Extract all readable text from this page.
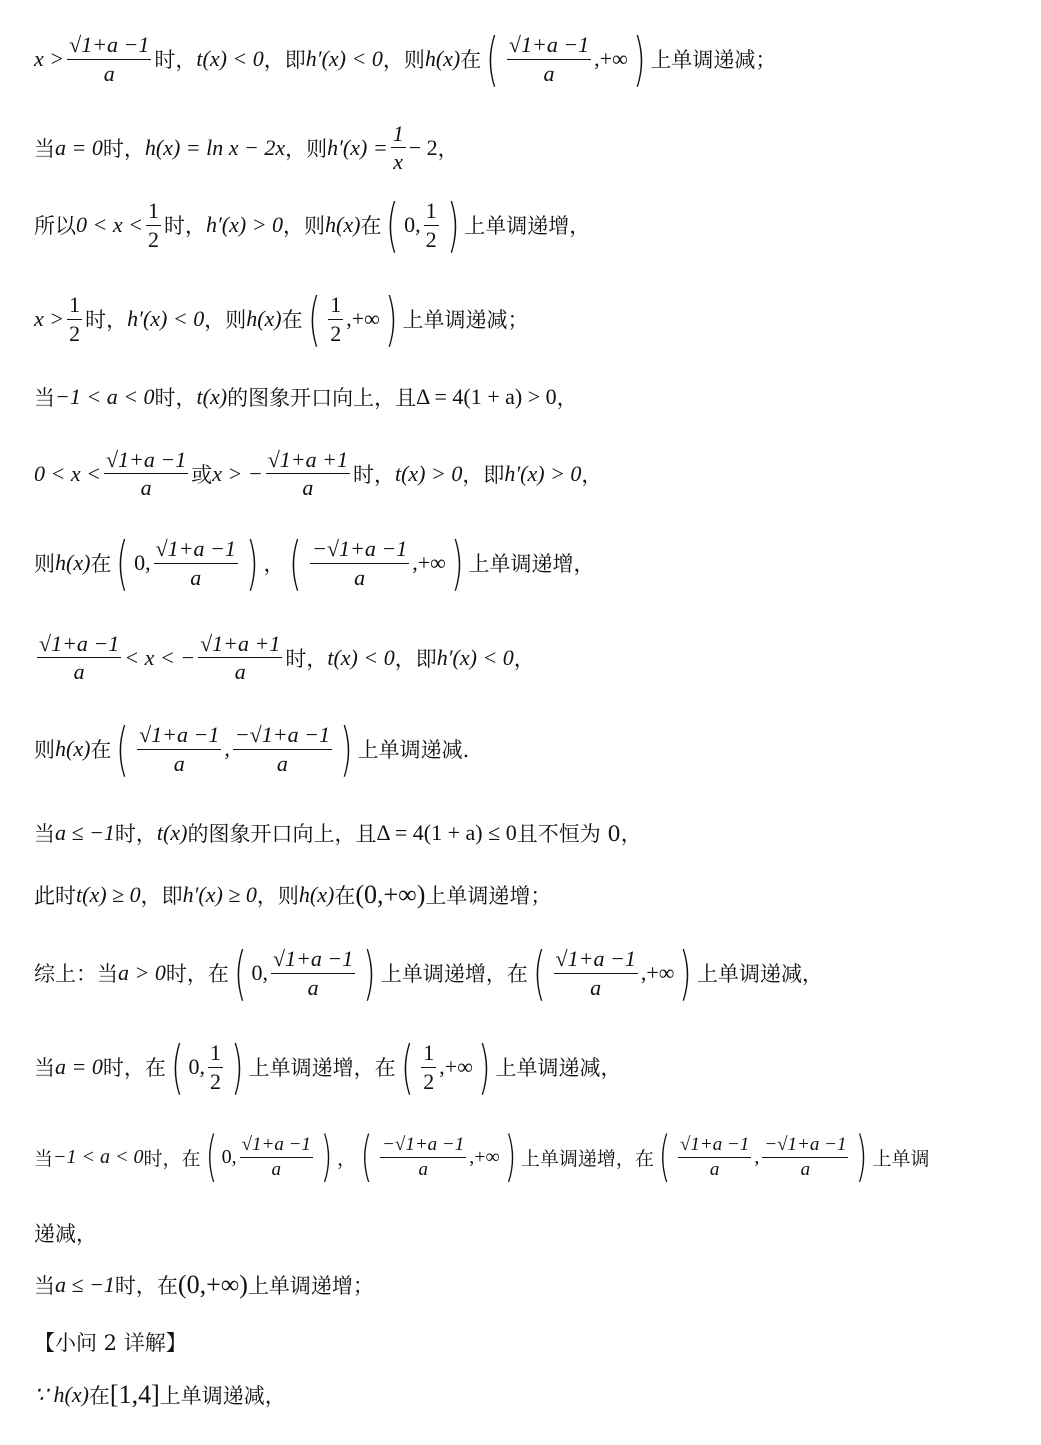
$x > \frac{√1+a -1}{a}$ 时， t(x) < 0 ，即 h′(x) < 0 ，则 h(x) 在 ( $\frac{√1+a -1}{a}$ ,+∞ ) 上单调递减；
当 a = 0 时， h(x) = ln x − 2x ，则 $h'(x) = \frac{1}{x} - 2$ ，
所以 $0 < x < \frac{1}{2}$ 时， h′(x) > 0 ，则 h(x) 在 ( 0, $\frac{1}{2}$ ) 上单调递增，
$x > \frac{1}{2}$ 时， h′(x) < 0 ，则 h(x) 在 ( $\frac{1}{2}$ ,+∞ ) 上单调递减；
当 −1 < a < 0 时， t(x) 的图象开口向上，且 Δ = 4(1 + a) > 0 ，
$0 < x < \frac{√1+a -1}{a}$ 或 x > − $\frac{√1+a +1}{a}$ 时， t(x) > 0 ，即 h′(x) > 0 ，
则 h(x) 在 ( 0, $\frac{√1+a -1}{a}$ ) ， ( $\frac{-√1+a -1}{a}$ ,+∞ ) 上单调递增，
$\frac{√1+a -1}{a} < x$ < − $\frac{√1+a +1}{a}$ 时， t(x) < 0 ，即 h′(x) < 0 ，
则 h(x) 在 ( $\frac{√1+a -1}{a}$ , $\frac{-√1+a -1}{a}$ ) 上单调递减.
当 a ≤ −1 时， t(x) 的图象开口向上，且 Δ = 4(1 + a) ≤ 0 且不恒为 0，
此时 t(x) ≥ 0 ，即 h′(x) ≥ 0 ，则 h(x) 在 (0,+∞) 上单调递增；
综上：当 a > 0 时，在 ( 0, $\frac{√1+a -1}{a}$ ) 上单调递增，在 ( $\frac{√1+a -1}{a}$ ,+∞ ) 上单调递减，
当 a = 0 时，在 ( 0, $\frac{1}{2}$ ) 上单调递增，在 ( $\frac{1}{2}$ ,+∞ ) 上单调递减，
当 −1 < a < 0 时，在 ( 0, $\frac{√1+a -1}{a}$ ) ， ( $\frac{-√1+a -1}{a}$ ,+∞ ) 上单调递增，在 ( $\frac{√1+a -1}{a}$ , $\frac{-√1+a -1}{a}$ ) 上单调
递减，
当 a ≤ −1 时，在 (0,+∞) 上单调递增；
【小问 2 详解】
∵ h(x) 在 [1,4] 上单调递减，
